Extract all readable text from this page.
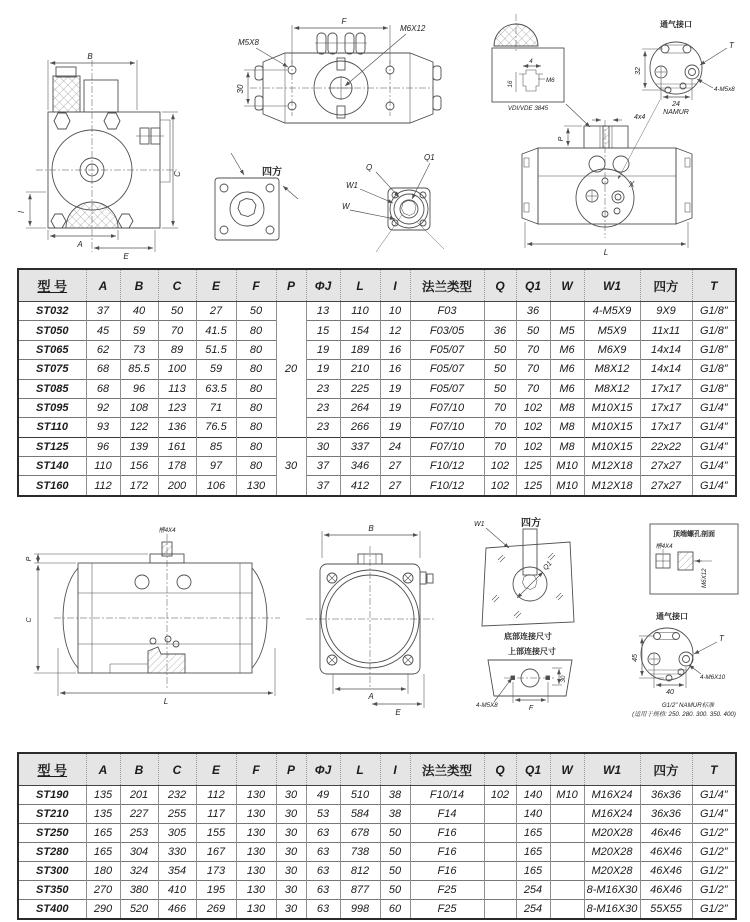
B
C
I
A
E
F
30
M5X8
M6X12
四方
Q1
Q
W1
W
4
M6
16
VDI/VDE 3845
通气接口
32
24
T
4-M5x8
NAMUR
4x4
P
X
L
型 号	A	B	C	E	F	P	ΦJ	L	I	法兰类型	Q	Q1	W	W1	四方	T
ST032	37	40	50	27	50	20	13	110	10	F03		36		4-M5X9	9X9	G1/8”
ST050	45	59	70	41.5	80		15	154	12	F03/05	36	50	M5	M5X9	11x11	G1/8”
ST065	62	73	89	51.5	80		19	189	16	F05/07	50	70	M6	M6X9	14x14	G1/8”
ST075	68	85.5	100	59	80		19	210	16	F05/07	50	70	M6	M8X12	14x14	G1/8”
ST085	68	96	113	63.5	80		23	225	19	F05/07	50	70	M6	M8X12	17x17	G1/8”
ST095	92	108	123	71	80		23	264	19	F07/10	70	102	M8	M10X15	17x17	G1/4”
ST110	93	122	136	76.5	80		23	266	19	F07/10	70	102	M8	M10X15	17x17	G1/4”
ST125	96	139	161	85	80	30	30	337	24	F07/10	70	102	M8	M10X15	22x22	G1/4”
ST140	110	156	178	97	80		37	346	27	F10/12	102	125	M10	M12X18	27x27	G1/4”
ST160	112	172	200	106	130		37	412	27	F10/12	102	125	M10	M12X18	27x27	G1/4”
槽4X4
P
C
L
B
A
E
W1	四方
Q1
底部连接尺寸
上部连接尺寸
4-M5X8	F
30
顶端螺孔剖面
槽4X4
M6X12
通气接口
45
40
T
4-M6X10
G1/2” NAMUR标准
(适用于规格: 250. 280. 300. 350. 400)
型 号	A	B	C	E	F	P	ΦJ	L	I	法兰类型	Q	Q1	W	W1	四方	T
ST190	135	201	232	112	130	30	49	510	38	F10/14	102	140	M10	M16X24	36x36	G1/4”
ST210	135	227	255	117	130	30	53	584	38	F14		140		M16X24	36x36	G1/4”
ST250	165	253	305	155	130	30	63	678	50	F16		165		M20X28	46x46	G1/2”
ST280	165	304	330	167	130	30	63	738	50	F16		165		M20X28	46X46	G1/2”
ST300	180	324	354	173	130	30	63	812	50	F16		165		M20X28	46X46	G1/2”
ST350	270	380	410	195	130	30	63	877	50	F25		254		8-M16X30	46X46	G1/2”
ST400	290	520	466	269	130	30	63	998	60	F25		254		8-M16X30	55X55	G1/2”
